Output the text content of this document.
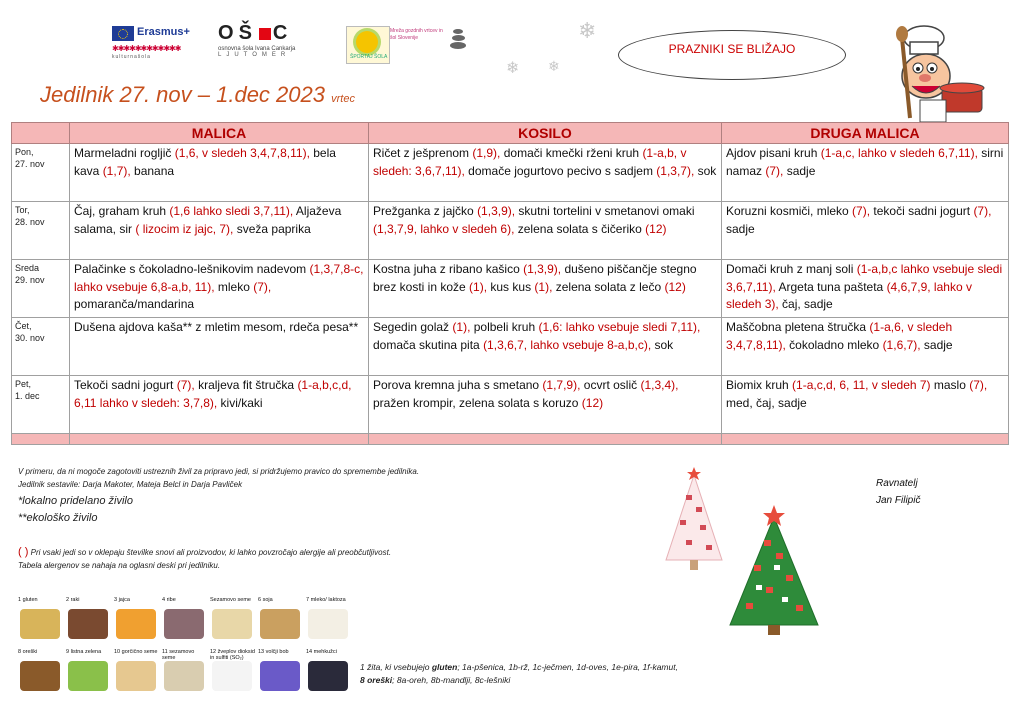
Erasmus+
✱✱✱✱✱✱✱✱✱✱✱✱
kulturnašola
OŠ C
osnovna šola Ivana Cankarja
LJUTOMER	ŠPORTAJ ŠOLA
Mreža gozdnih vrtcev in šol Slovenije	❄
❄ ❄
Jedilnik 27. nov – 1.dec 2023 vrtec
PRAZNIKI SE BLIŽAJO
	MALICA	KOSILO	DRUGA MALICA
Pon,
27. nov	Marmeladni rogljič (1,6, v sledeh 3,4,7,8,11), bela kava (1,7), banana	Ričet z ješprenom (1,9), domači kmečki rženi kruh (1-a,b, v sledeh: 3,6,7,11), domače jogurtovo pecivo s sadjem (1,3,7), sok	Ajdov pisani kruh (1-a,c, lahko v sledeh 6,7,11), sirni namaz (7), sadje
Tor,
28. nov	Čaj, graham kruh (1,6 lahko sledi 3,7,11), Aljaževa salama, sir ( lizocim iz jajc, 7), sveža paprika	Prežganka z jajčko (1,3,9), skutni tortelini v smetanovi omaki (1,3,7,9, lahko v sledeh 6), zelena solata s čičeriko (12)	Koruzni kosmiči, mleko (7), tekoči sadni jogurt (7), sadje
Sreda
29. nov	Palačinke s čokoladno-lešnikovim nadevom (1,3,7,8-c, lahko vsebuje 6,8-a,b, 11), mleko (7), pomaranča/mandarina	Kostna juha z ribano kašico (1,3,9), dušeno piščančje stegno brez kosti in kože (1), kus kus (1), zelena solata z lečo (12)	Domači kruh z manj soli (1-a,b,c lahko vsebuje sledi 3,6,7,11), Argeta tuna pašteta (4,6,7,9, lahko v sledeh 3), čaj, sadje
Čet,
30. nov	Dušena ajdova kaša** z mletim mesom, rdeča pesa**	Segedin golaž (1), polbeli kruh (1,6: lahko vsebuje sledi 7,11), domača skutina pita (1,3,6,7, lahko vsebuje 8-a,b,c), sok	Maščobna pletena štručka (1-a,6, v sledeh 3,4,7,8,11), čokoladno mleko (1,6,7), sadje
Pet,
1. dec	Tekoči sadni jogurt (7), kraljeva fit štručka (1-a,b,c,d, 6,11 lahko v sledeh: 3,7,8), kivi/kaki	Porova kremna juha s smetano (1,7,9), ocvrt oslič (1,3,4), pražen krompir, zelena solata s koruzo (12)	Biomix kruh (1-a,c,d, 6, 11, v sledeh 7) maslo (7), med, čaj, sadje

V primeru, da ni mogoče zagotoviti ustreznih živil za pripravo jedi, si pridržujemo pravico do spremembe jedilnika.
Jedilnik sestavile: Darja Makoter, Mateja Belcl in Darja Pavliček
*lokalno pridelano živilo
**ekološko živilo
( ) Pri vsaki jedi so v oklepaju številke snovi ali proizvodov, ki lahko povzročajo alergije ali preobčutljivost.
Tabela alergenov se nahaja na oglasni deski pri jedilniku.
Ravnatelj
Jan Filipič
1 gluten	2 raki	3 jajca	4 ribe	Sezamovo seme	6 soja	7 mleko/ laktoza
8 oreški	9 listna zelena	10 gorčično seme 11 sezamovo seme
12 žveplov dioksid in sulfiti (SO₂)
13 volčji bob	14 mehkužci
1 žita, ki vsebujejo gluten; 1a-pšenica, 1b-rž, 1c-ječmen, 1d-oves, 1e-pira, 1f-kamut,
8 oreški; 8a-oreh, 8b-mandlji, 8c-lešniki
